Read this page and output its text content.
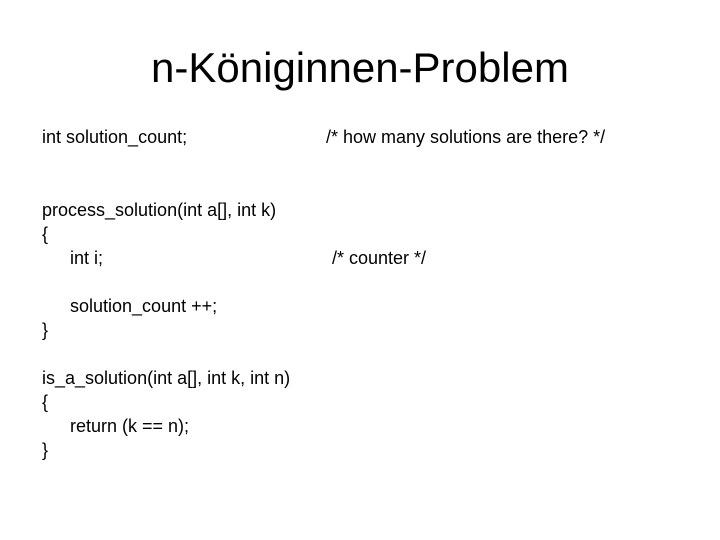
n-Königinnen-Problem
int solution_count;	/* how many solutions are there? */
process_solution(int a[], int k)
{
int i;	/* counter */
solution_count ++;
}
is_a_solution(int a[], int k, int n)
{
return (k == n);
}
